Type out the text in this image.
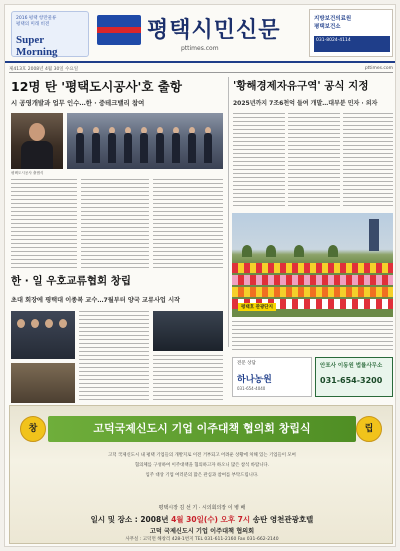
2016 평택 항만물류
평택의 미래 비전
Super Morning
평택시민신문
pttimes.com
지방보건의료원
평택보건소
031-8024-4114
제413호 2008년 4월 30일 수요일	pttimes.com
12명 탄 '평택도시공사'호 출항
시 공영개발과 업무 인수…한 · 중테크밸리 참여
평택도시공사 출범식
'황해경제자유구역' 공식 지정
2025년까지 7조6천억 들여 개발…대부분 민자 · 외자
평택호 관광단지
한 · 일 우호교류협회 창립
초대 회장에 평택대 이종복 교수…7월부터 양국 교류사업 시작
전문 상담
하나농원
031-654-4040
안포사 이동원 법률사무소
031-654-3200
창	고덕국제신도시 기업 이주대책 협의회 창립식	립
고덕 국제신도시 내 평택 기업들의 개발지로 이전 거부되고 어려운 상황에 처해 있는 기업들이 모여
협의체를 구성하여 이주대책을 협의하고자 하오니 많은 참석 바랍니다.
입주 대상 기업 여러분의 많은 관심과 참여를 부탁드립니다.
평택시장 김 선 기 · 시의회의장 이 병 배
일시 및 장소 : 2008년 4월 30일(수) 오후 7시 송탄 영천관광호텔
고덕 국제신도시 기업 이주대책 협의회
사무실 : 고덕면 해창리 428-1번지 TEL 031-611-2160 Fax 031-662-2140
